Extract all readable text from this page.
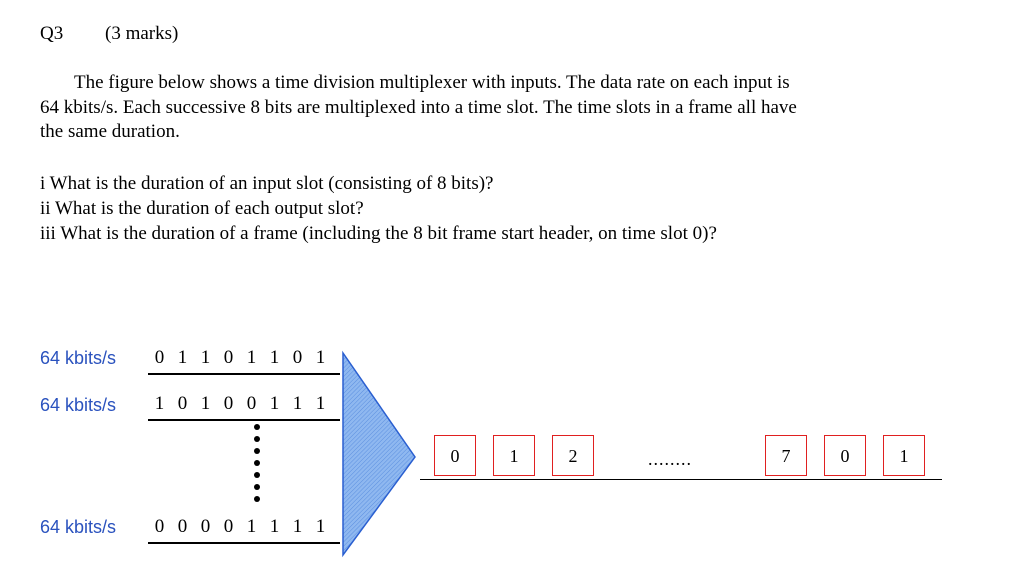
Q3 (3 marks)

The figure below shows a time division multiplexer with inputs. The data rate on each input is

64 kbits/s. Each successive 8 bits are multiplexed into a time slot. The time slots in a frame all have

the same duration.

i What is the duration of an input slot (consisting of 8 bits)?
ii What is the duration of each output slot?
iii What is the duration of a frame (including the 8 bit frame start header, on time slot 0)?
64 kbits/s	0 1 1 0 1 1 0 1
64 kbits/s	1 0 1 0 0 1 1 1
64 kbits/s	0 0 0 0 1 1 1 1
0	1	2	........	7	0	1
